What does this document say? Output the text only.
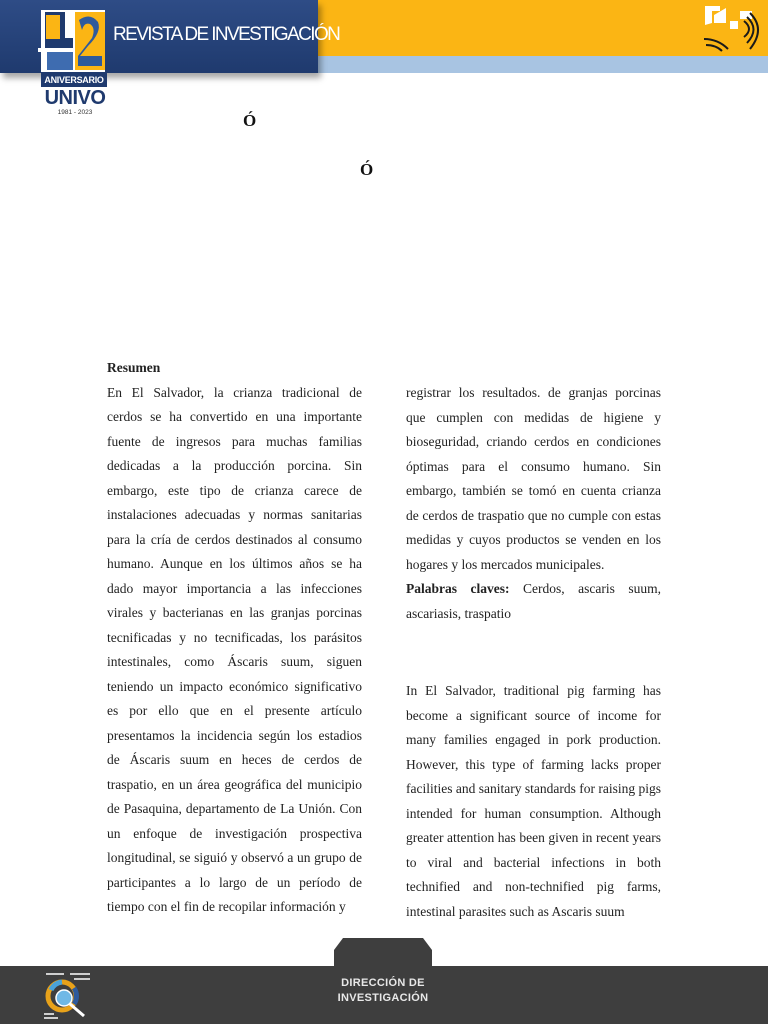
REVISTA DE INVESTIGACIÓN
ANIVERSARIO
UNIVO
1981 - 2023	Ó
Ó
Resumen
En El Salvador, la crianza tradicional de cerdos se ha convertido en una importante fuente de ingresos para muchas familias dedicadas a la producción porcina. Sin embargo, este tipo de crianza carece de instalaciones adecuadas y normas sanitarias para la cría de cerdos destinados al consumo humano. Aunque en los últimos años se ha dado mayor importancia a las infecciones virales y bacterianas en las granjas porcinas tecnificadas y no tecnificadas, los parásitos intestinales, como Áscaris suum, siguen teniendo un impacto económico significativo es por ello que en el presente artículo presentamos la incidencia según los estadios de Áscaris suum en heces de cerdos de traspatio, en un área geográfica del municipio de Pasaquina, departamento de La Unión. Con un enfoque de investigación prospectiva longitudinal, se siguió y observó a un grupo de participantes a lo largo de un período de tiempo con el fin de recopilar información y
registrar los resultados. de granjas porcinas que cumplen con medidas de higiene y bioseguridad, criando cerdos en condiciones óptimas para el consumo humano. Sin embargo, también se tomó en cuenta crianza de cerdos de traspatio que no cumple con estas medidas y cuyos productos se venden en los hogares y los mercados municipales.
Palabras claves: Cerdos, ascaris suum, ascariasis, traspatio
In El Salvador, traditional pig farming has become a significant source of income for many families engaged in pork production. However, this type of farming lacks proper facilities and sanitary standards for raising pigs intended for human consumption. Although greater attention has been given in recent years to viral and bacterial infections in both technified and non-technified pig farms, intestinal parasites such as Ascaris suum
DIRECCIÓN DE
INVESTIGACIÓN
